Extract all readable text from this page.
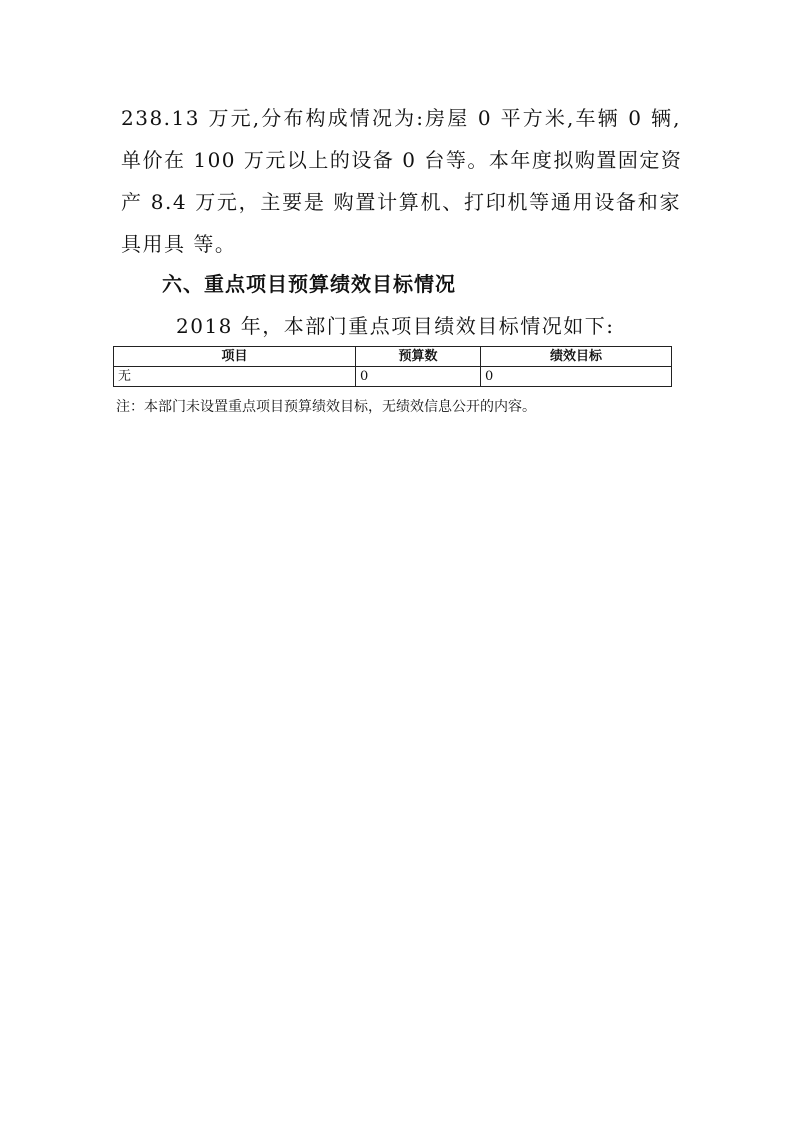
238.13 万元,分布构成情况为:房屋 0 平方米,车辆 0 辆,
单价在 100 万元以上的设备 0 台等。本年度拟购置固定资
产 8.4 万元，主要是 购置计算机、打印机等通用设备和家
具用具 等。
六、重点项目预算绩效目标情况
2018 年，本部门重点项目绩效目标情况如下:
项目	预算数	绩效目标
无	0	0
注：本部门未设置重点项目预算绩效目标，无绩效信息公开的内容。
